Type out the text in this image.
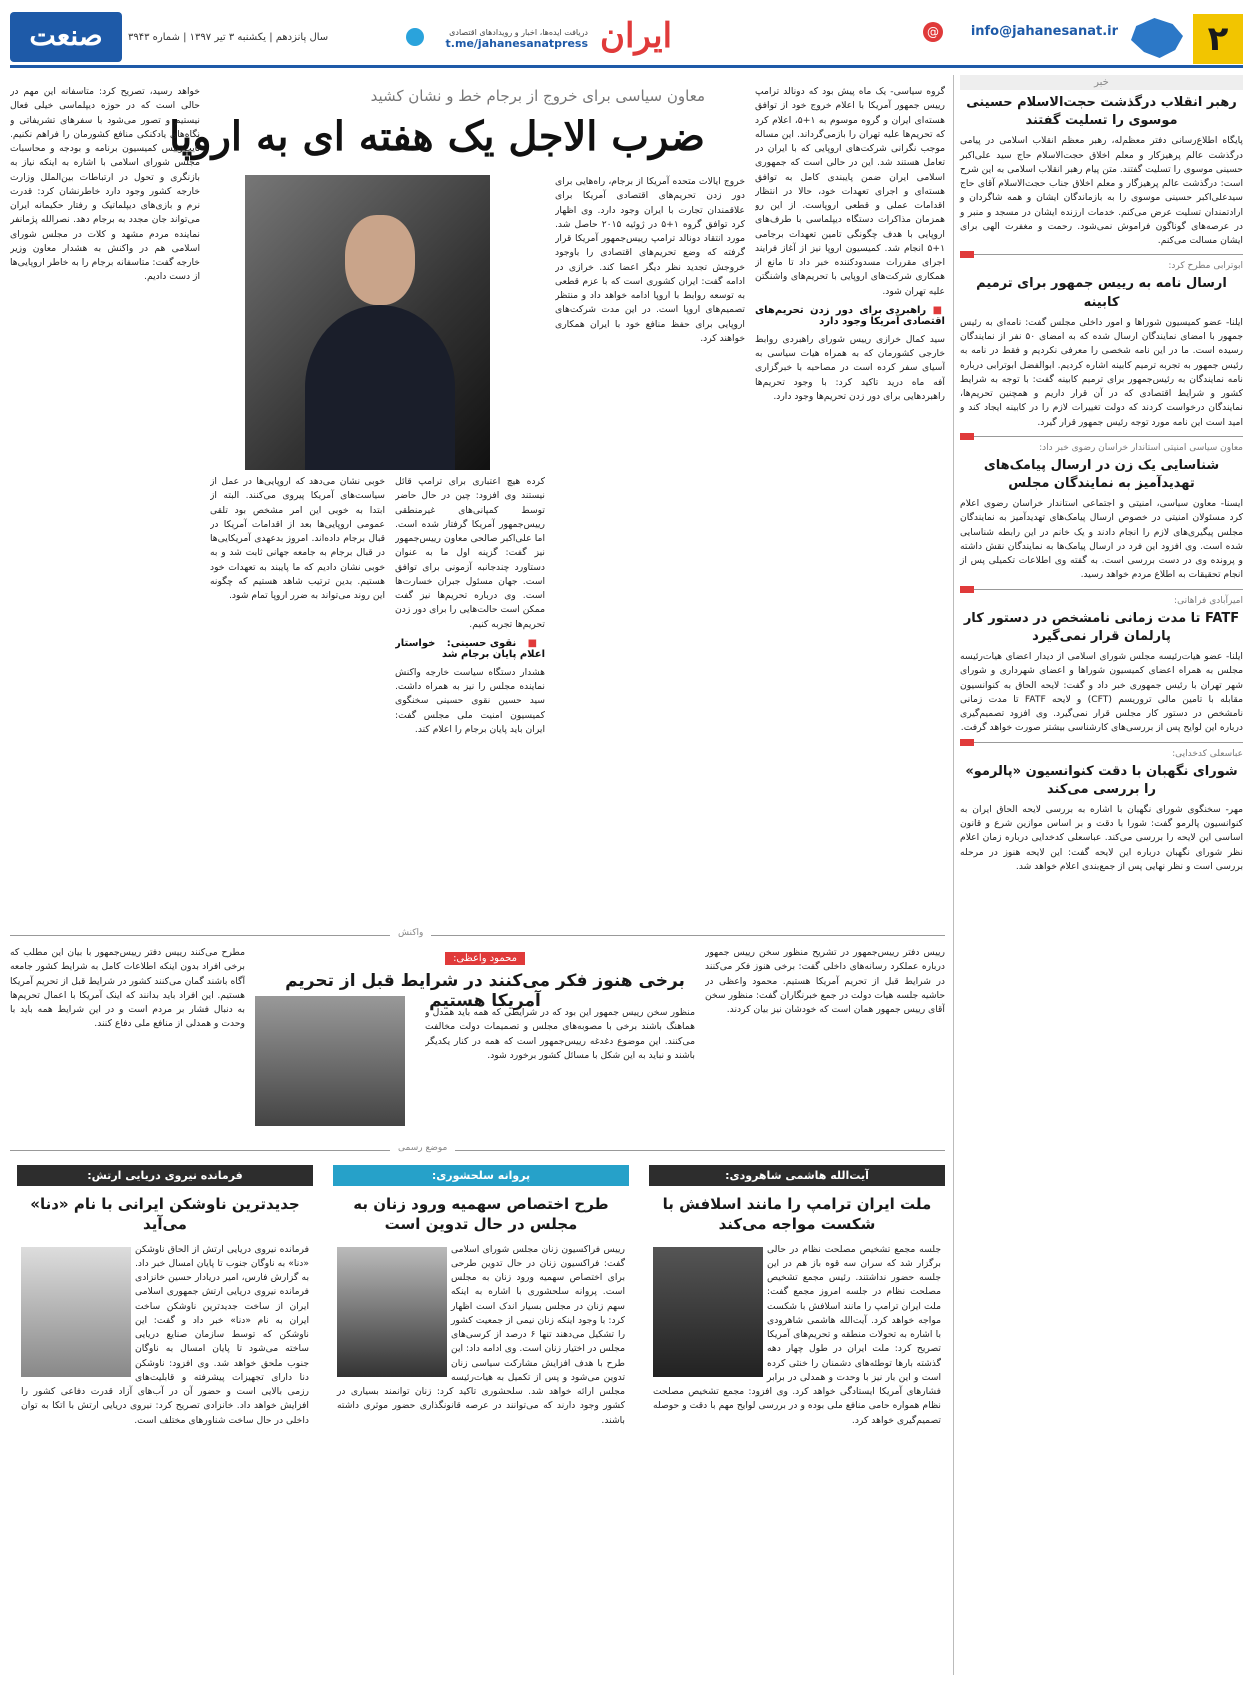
۲
info@jahanesanat.ir
@
ایران
دریافت ایده‌ها، اخبار و رویدادهای اقتصادی
t.me/jahanesanatpress
سال پانزدهم | یکشنبه ۳ تیر ۱۳۹۷ | شماره ۳۹۴۳
صنعت
خبر
رهبر انقلاب درگذشت حجت‌الاسلام حسینی موسوی را تسلیت گفتند
پایگاه اطلاع‌رسانی دفتر معظم‌له، رهبر معظم انقلاب اسلامی در پیامی درگذشت عالم پرهیزکار و معلم اخلاق حجت‌الاسلام حاج سید علی‌اکبر حسینی موسوی را تسلیت گفتند. متن پیام رهبر انقلاب اسلامی به این شرح است: درگذشت عالم پرهیزگار و معلم اخلاق جناب حجت‌الاسلام آقای حاج سیدعلی‌اکبر حسینی موسوی را به بازماندگان ایشان و همه شاگردان و ارادتمندان تسلیت عرض می‌کنم. خدمات ارزنده ایشان در مسجد و منبر و در عرصه‌های گوناگون فراموش نمی‌شود. رحمت و مغفرت الهی برای ایشان مسالت می‌کنم.
ابوترابی مطرح کرد:
ارسال نامه به رییس جمهور برای ترمیم کابینه
ایلنا- عضو کمیسیون شوراها و امور داخلی مجلس گفت: نامه‌ای به رئیس جمهور با امضای نمایندگان ارسال شده که به امضای ۵۰ نفر از نمایندگان رسیده است. ما در این نامه شخصی را معرفی نکردیم و فقط در نامه به رئیس جمهور به تجربه ترمیم کابینه اشاره کردیم. ابوالفضل ابوترابی درباره نامه نمایندگان به رئیس‌جمهور برای ترمیم کابینه گفت: با توجه به شرایط کشور و شرایط اقتصادی که در آن قرار داریم و همچنین تحریم‌ها، نمایندگان درخواست کردند که دولت تغییرات لازم را در کابینه ایجاد کند و امید است این نامه مورد توجه رئیس جمهور قرار گیرد.
معاون سیاسی امنیتی استاندار خراسان رضوی خبر داد:
شناسایی یک زن در ارسال پیامک‌های تهدیدآمیز به نمایندگان مجلس
ایسنا- معاون سیاسی، امنیتی و اجتماعی استاندار خراسان رضوی اعلام کرد مسئولان امنیتی در خصوص ارسال پیامک‌های تهدیدآمیز به نمایندگان مجلس پیگیری‌های لازم را انجام دادند و یک خانم در این رابطه شناسایی شده است. وی افزود این فرد در ارسال پیامک‌ها به نمایندگان نقش داشته و پرونده وی در دست بررسی است. به گفته وی اطلاعات تکمیلی پس از انجام تحقیقات به اطلاع مردم خواهد رسید.
امیرآبادی فراهانی:
FATF تا مدت زمانی نامشخص در دستور کار پارلمان قرار نمی‌گیرد
ایلنا- عضو هیات‌رئیسه مجلس شورای اسلامی از دیدار اعضای هیات‌رئیسه مجلس به همراه اعضای کمیسیون شوراها و اعضای شهرداری و شورای شهر تهران با رئیس جمهوری خبر داد و گفت: لایحه الحاق به کنوانسیون مقابله با تامین مالی تروریسم (CFT) و لایحه FATF تا مدت زمانی نامشخص در دستور کار مجلس قرار نمی‌گیرد. وی افزود تصمیم‌گیری درباره این لوایح پس از بررسی‌های کارشناسی بیشتر صورت خواهد گرفت.
عباسعلی کدخدایی:
شورای نگهبان با دقت کنوانسیون «پالرمو» را بررسی می‌کند
مهر- سخنگوی شورای نگهبان با اشاره به بررسی لایحه الحاق ایران به کنوانسیون پالرمو گفت: شورا با دقت و بر اساس موازین شرع و قانون اساسی این لایحه را بررسی می‌کند. عباسعلی کدخدایی درباره زمان اعلام نظر شورای نگهبان درباره این لایحه گفت: این لایحه هنوز در مرحله بررسی است و نظر نهایی پس از جمع‌بندی اعلام خواهد شد.
معاون سیاسی برای خروج از برجام خط و نشان کشید
ضرب الاجل یک هفته ای به اروپا
گروه سیاسی- یک ماه پیش بود که دونالد ترامپ رییس جمهور آمریکا با اعلام خروج خود از توافق هسته‌ای ایران و گروه موسوم به ۱+۵، اعلام کرد که تحریم‌ها علیه تهران را بازمی‌گرداند. این مساله موجب نگرانی شرکت‌های اروپایی که با ایران در تعامل هستند شد. این در حالی است که جمهوری اسلامی ایران ضمن پایبندی کامل به توافق هسته‌ای و اجرای تعهدات خود، حالا در انتظار اقدامات عملی و قطعی اروپاست. از این رو همزمان مذاکرات دستگاه دیپلماسی با طرف‌های اروپایی با هدف چگونگی تامین تعهدات برجامی ۱+۵ انجام شد. کمیسیون اروپا نیز از آغاز فرایند اجرای مقررات مسدودکننده خبر داد تا مانع از همکاری شرکت‌های اروپایی با تحریم‌های واشنگتن علیه تهران شود.
■ راهبردی برای دور زدن تحریم‌های اقتصادی آمریکا وجود دارد
سید کمال خرازی رییس شورای راهبردی روابط خارجی کشورمان که به همراه هیات سیاسی به آسیای سفر کرده است در مصاحبه با خبرگزاری آفه ماه درید تاکید کرد: با وجود تحریم‌ها راهبردهایی برای دور زدن تحریم‌ها وجود دارد.
خروج ایالات متحده آمریکا از برجام، راه‌هایی برای دور زدن تحریم‌های اقتصادی آمریکا برای علاقمندان تجارت با ایران وجود دارد. وی اظهار کرد توافق گروه ۱+۵ در ژوئیه ۲۰۱۵ حاصل شد. مورد انتقاد دونالد ترامپ رییس‌جمهور آمریکا قرار گرفته که وضع تحریم‌های اقتصادی را باوجود خروجش تجدید نظر دیگر اعضا کند. خرازی در ادامه گفت: ایران کشوری است که با عزم قطعی به توسعه روابط با اروپا ادامه خواهد داد و منتظر تصمیم‌های اروپا است. در این مدت شرکت‌های اروپایی برای حفظ منافع خود با ایران همکاری خواهند کرد.
کرده هیچ اعتباری برای ترامپ قائل نیستند وی افزود: چین در حال حاضر توسط کمپانی‌های غیرمنطقی رییس‌جمهور آمریکا گرفتار شده است. اما علی‌اکبر صالحی معاون رییس‌جمهور نیز گفت: گزینه اول ما به عنوان دستاورد چندجانبه آزمونی برای توافق است. جهان مسئول جبران خسارت‌ها است. وی درباره تحریم‌ها نیز گفت ممکن است حالت‌هایی را برای دور زدن تحریم‌ها تجربه کنیم.
■ نقوی حسینی: خواستار اعلام پایان برجام شد
هشدار دستگاه سیاست خارجه واکنش نماینده مجلس را نیز به همراه داشت. سید حسین نقوی حسینی سخنگوی کمیسیون امنیت ملی مجلس گفت: ایران باید پایان برجام را اعلام کند.
خوبی نشان می‌دهد که اروپایی‌ها در عمل از سیاست‌های آمریکا پیروی می‌کنند. البته از ابتدا به خوبی این امر مشخص بود تلقی عمومی اروپایی‌ها بعد از اقدامات آمریکا در قبال برجام داده‌اند. امروز بدعهدی آمریکایی‌ها در قبال برجام به جامعه جهانی ثابت شد و به خوبی نشان دادیم که ما پایبند به تعهدات خود هستیم. بدین ترتیب شاهد هستیم که چگونه این روند می‌تواند به ضرر اروپا تمام شود.
خواهد رسید، تصریح کرد: متاسفانه این مهم در حالی است که در حوزه دیپلماسی خیلی فعال نیستیم و تصور می‌شود با سفرهای تشریفاتی و نگاه‌های یادکنکی منافع کشورمان را فراهم نکنیم. نایب‌رییس کمیسیون برنامه و بودجه و محاسبات مجلس شورای اسلامی با اشاره به اینکه نیاز به بازنگری و تحول در ارتباطات بین‌الملل وزارت خارجه کشور وجود دارد خاطرنشان کرد: قدرت نرم و بازی‌های دیپلماتیک و رفتار حکیمانه ایران می‌تواند جان مجدد به برجام دهد. نصرالله پژمانفر نماینده مردم مشهد و کلات در مجلس شورای اسلامی هم در واکنش به هشدار معاون وزیر خارجه گفت: متاسفانه برجام را به خاطر اروپایی‌ها از دست دادیم.
واکنش
محمود واعظی:
برخی هنوز فکر می‌کنند در شرایط قبل از تحریم آمریکا هستیم
رییس دفتر رییس‌جمهور در تشریح منظور سخن رییس جمهور درباره عملکرد رسانه‌های داخلی گفت: برخی هنوز فکر می‌کنند در شرایط قبل از تحریم آمریکا هستیم. محمود واعظی در حاشیه جلسه هیات دولت در جمع خبرنگاران گفت: منظور سخن آقای رییس جمهور همان است که خودشان نیز بیان کردند.
منظور سخن رییس جمهور این بود که در شرایطی که همه باید همدل و هماهنگ باشند برخی با مصوبه‌های مجلس و تصمیمات دولت مخالفت می‌کنند. این موضوع دغدغه رییس‌جمهور است که همه در کنار یکدیگر باشند و نباید به این شکل با مسائل کشور برخورد شود.
مطرح می‌کنند رییس دفتر رییس‌جمهور با بیان این مطلب که برخی افراد بدون اینکه اطلاعات کامل به شرایط کشور جامعه آگاه باشند گمان می‌کنند کشور در شرایط قبل از تحریم آمریکا هستیم. این افراد باید بدانند که اینک آمریکا با اعمال تحریم‌ها به دنبال فشار بر مردم است و در این شرایط همه باید با وحدت و همدلی از منافع ملی دفاع کنند.
موضع رسمی
آیت‌الله هاشمی شاهرودی:
ملت ایران ترامپ را مانند اسلافش با شکست مواجه می‌کند
جلسه مجمع تشخیص مصلحت نظام در حالی برگزار شد که سران سه قوه باز هم در این جلسه حضور نداشتند. رئیس مجمع تشخیص مصلحت نظام در جلسه امروز مجمع گفت: ملت ایران ترامپ را مانند اسلافش با شکست مواجه خواهد کرد. آیت‌الله هاشمی شاهرودی با اشاره به تحولات منطقه و تحریم‌های آمریکا تصریح کرد: ملت ایران در طول چهار دهه گذشته بارها توطئه‌های دشمنان را خنثی کرده است و این بار نیز با وحدت و همدلی در برابر فشارهای آمریکا ایستادگی خواهد کرد. وی افزود: مجمع تشخیص مصلحت نظام همواره حامی منافع ملی بوده و در بررسی لوایح مهم با دقت و حوصله تصمیم‌گیری خواهد کرد.
پروانه سلحشوری:
طرح اختصاص سهمیه ورود زنان به مجلس در حال تدوین است
رییس فراکسیون زنان مجلس شورای اسلامی گفت: فراکسیون زنان در حال تدوین طرحی برای اختصاص سهمیه ورود زنان به مجلس است. پروانه سلحشوری با اشاره به اینکه سهم زنان در مجلس بسیار اندک است اظهار کرد: با وجود اینکه زنان نیمی از جمعیت کشور را تشکیل می‌دهند تنها ۶ درصد از کرسی‌های مجلس در اختیار زنان است. وی ادامه داد: این طرح با هدف افزایش مشارکت سیاسی زنان تدوین می‌شود و پس از تکمیل به هیات‌رئیسه مجلس ارائه خواهد شد. سلحشوری تاکید کرد: زنان توانمند بسیاری در کشور وجود دارند که می‌توانند در عرصه قانونگذاری حضور موثری داشته باشند.
فرمانده نیروی دریایی ارتش:
جدیدترین ناوشکن ایرانی با نام «دنا» می‌آید
فرمانده نیروی دریایی ارتش از الحاق ناوشکن «دنا» به ناوگان جنوب تا پایان امسال خبر داد. به گزارش فارس، امیر دریادار حسین خانزادی فرمانده نیروی دریایی ارتش جمهوری اسلامی ایران از ساخت جدیدترین ناوشکن ساخت ایران به نام «دنا» خبر داد و گفت: این ناوشکن که توسط سازمان صنایع دریایی ساخته می‌شود تا پایان امسال به ناوگان جنوب ملحق خواهد شد. وی افزود: ناوشکن دنا دارای تجهیزات پیشرفته و قابلیت‌های رزمی بالایی است و حضور آن در آب‌های آزاد قدرت دفاعی کشور را افزایش خواهد داد. خانزادی تصریح کرد: نیروی دریایی ارتش با اتکا به توان داخلی در حال ساخت شناورهای مختلف است.
